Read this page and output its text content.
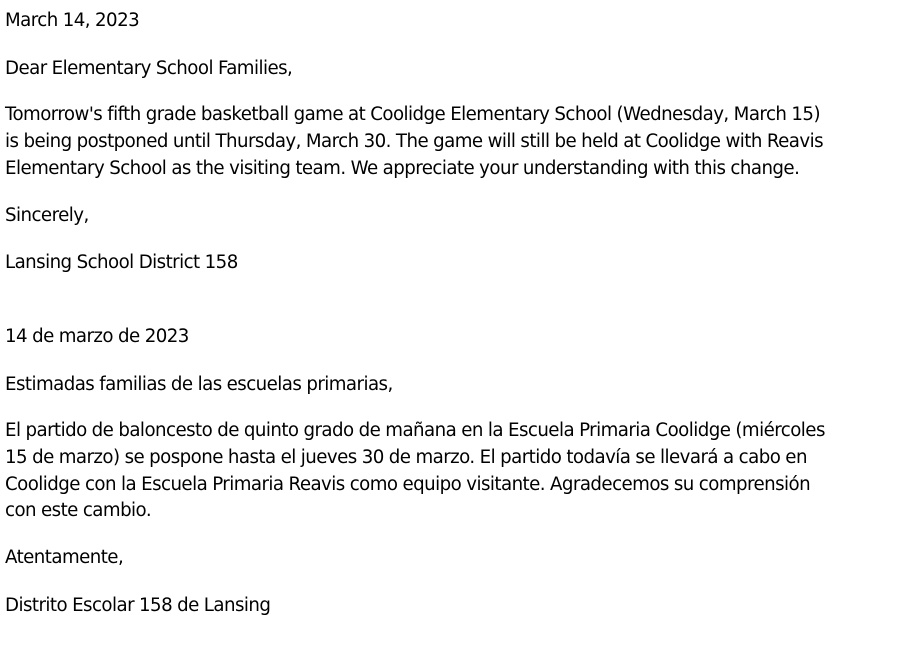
March 14, 2023

Dear Elementary School Families,

Tomorrow's fifth grade basketball game at Coolidge Elementary School (Wednesday, March 15)
is being postponed until Thursday, March 30. The game will still be held at Coolidge with Reavis
Elementary School as the visiting team. We appreciate your understanding with this change.

Sincerely,

Lansing School District 158

14 de marzo de 2023

Estimadas familias de las escuelas primarias,

El partido de baloncesto de quinto grado de mañana en la Escuela Primaria Coolidge (miércoles
15 de marzo) se pospone hasta el jueves 30 de marzo. El partido todavía se llevará a cabo en
Coolidge con la Escuela Primaria Reavis como equipo visitante. Agradecemos su comprensión
con este cambio.

Atentamente,

Distrito Escolar 158 de Lansing
